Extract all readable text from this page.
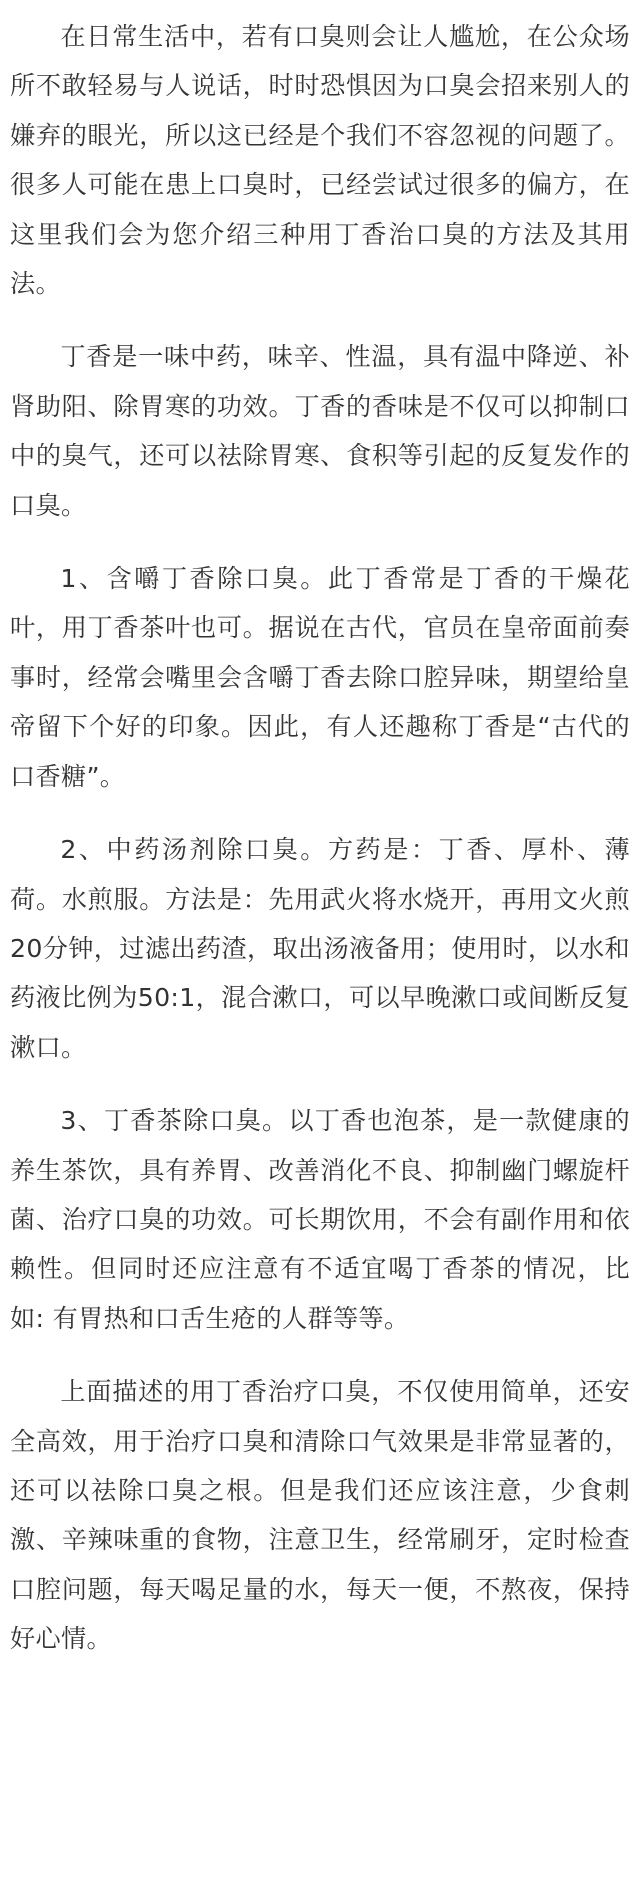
在日常生活中，若有口臭则会让人尴尬，在公众场所不敢轻易与人说话，时时恐惧因为口臭会招来别人的嫌弃的眼光，所以这已经是个我们不容忽视的问题了。很多人可能在患上口臭时，已经尝试过很多的偏方，在这里我们会为您介绍三种用丁香治口臭的方法及其用法。

丁香是一味中药，味辛、性温，具有温中降逆、补肾助阳、除胃寒的功效。丁香的香味是不仅可以抑制口中的臭气，还可以祛除胃寒、食积等引起的反复发作的口臭。

1、含嚼丁香除口臭。此丁香常是丁香的干燥花叶，用丁香茶叶也可。据说在古代，官员在皇帝面前奏事时，经常会嘴里会含嚼丁香去除口腔异味，期望给皇帝留下个好的印象。因此，有人还趣称丁香是“古代的口香糖”。

2、中药汤剂除口臭。方药是：丁香、厚朴、薄荷。水煎服。方法是：先用武火将水烧开，再用文火煎20分钟，过滤出药渣，取出汤液备用；使用时，以水和药液比例为50:1，混合漱口，可以早晚漱口或间断反复漱口。

3、丁香茶除口臭。以丁香也泡茶，是一款健康的养生茶饮，具有养胃、改善消化不良、抑制幽门螺旋杆菌、治疗口臭的功效。可长期饮用，不会有副作用和依赖性。但同时还应注意有不适宜喝丁香茶的情况，比如: 有胃热和口舌生疮的人群等等。

上面描述的用丁香治疗口臭，不仅使用简单，还安全高效，用于治疗口臭和清除口气效果是非常显著的，还可以祛除口臭之根。但是我们还应该注意，少食刺激、辛辣味重的食物，注意卫生，经常刷牙，定时检查口腔问题，每天喝足量的水，每天一便，不熬夜，保持好心情。
